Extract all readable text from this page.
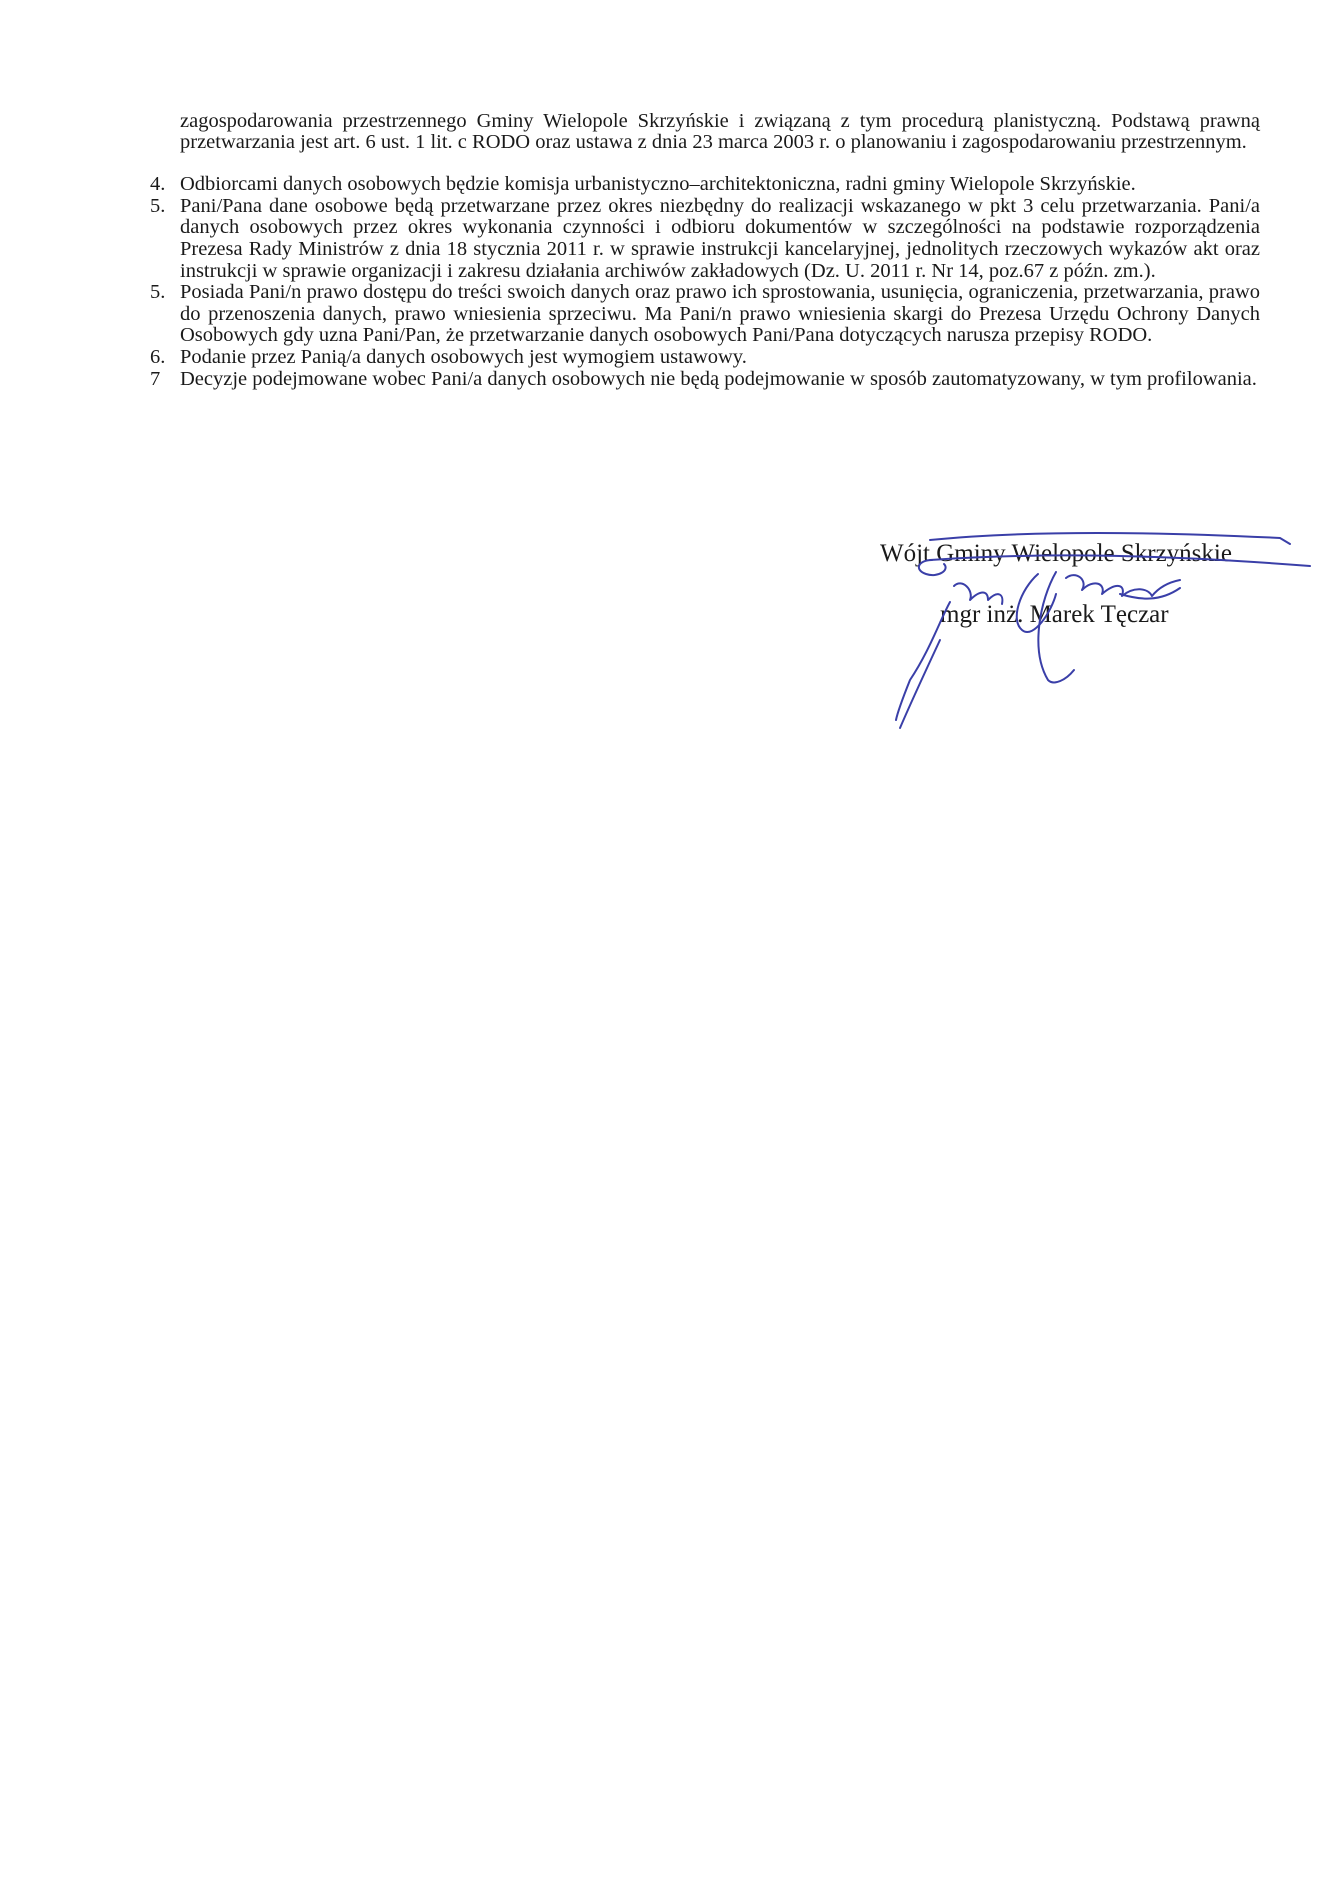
zagospodarowania przestrzennego Gminy Wielopole Skrzyńskie i związaną z tym procedurą planistyczną. Podstawą prawną przetwarzania jest art. 6 ust. 1 lit. c RODO oraz ustawa z dnia 23 marca 2003 r. o planowaniu i zagospodarowaniu przestrzennym.

4. Odbiorcami danych osobowych będzie komisja urbanistyczno–architektoniczna, radni gminy Wielopole Skrzyńskie.
5. Pani/Pana dane osobowe będą przetwarzane przez okres niezbędny do realizacji wskazanego w pkt 3 celu przetwarzania. Pani/a danych osobowych przez okres wykonania czynności i odbioru dokumentów w szczególności na podstawie rozporządzenia Prezesa Rady Ministrów z dnia 18 stycznia 2011 r. w sprawie instrukcji kancelaryjnej, jednolitych rzeczowych wykazów akt oraz instrukcji w sprawie organizacji i zakresu działania archiwów zakładowych (Dz. U. 2011 r. Nr 14, poz.67 z późn. zm.).
5. Posiada Pani/n prawo dostępu do treści swoich danych oraz prawo ich sprostowania, usunięcia, ograniczenia, przetwarzania, prawo do przenoszenia danych, prawo wniesienia sprzeciwu. Ma Pani/n prawo wniesienia skargi do Prezesa Urzędu Ochrony Danych Osobowych gdy uzna Pani/Pan, że przetwarzanie danych osobowych Pani/Pana dotyczących narusza przepisy RODO.
6. Podanie przez Panią/a danych osobowych jest wymogiem ustawowy.
7 Decyzje podejmowane wobec Pani/a danych osobowych nie będą podejmowanie w sposób zautomatyzowany, w tym profilowania.
Wójt Gminy Wielopole Skrzyńskie
mgr inż. Marek Tęczar
